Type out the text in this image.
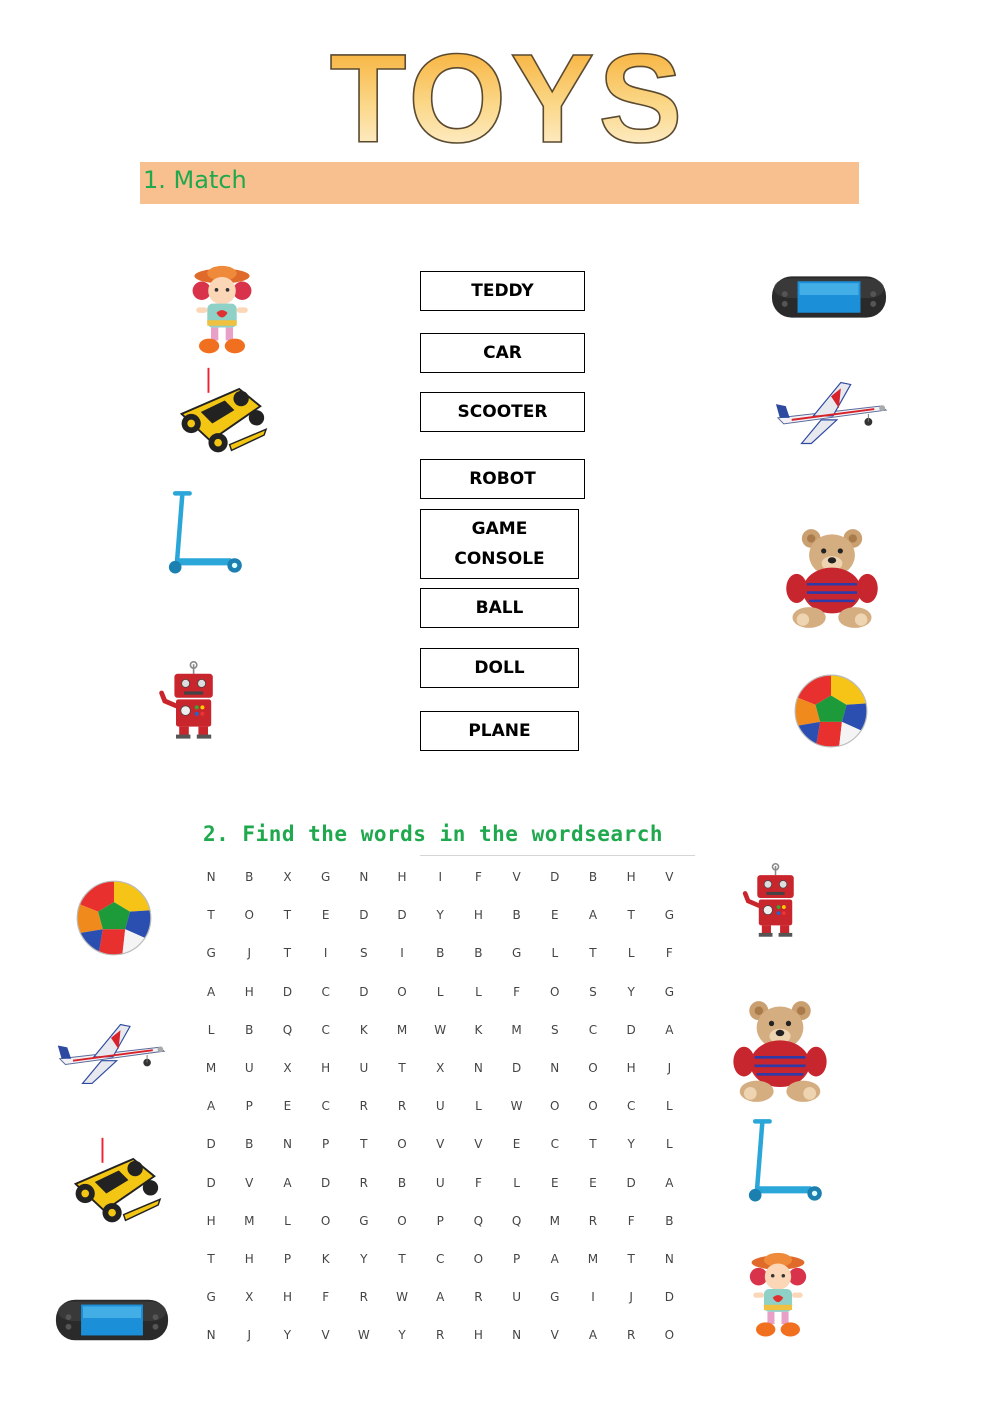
TOYS
1. Match
TEDDY
CAR
SCOOTER
ROBOT
GAME CONSOLE
BALL
DOLL
PLANE
2. Find the words in the wordsearch
N	B	X	G	N	H	I	F	V	D	B	H	V
T	O	T	E	D	D	Y	H	B	E	A	T	G
G	J	T	I	S	I	B	B	G	L	T	L	F
A	H	D	C	D	O	L	L	F	O	S	Y	G
L	B	Q	C	K	M	W	K	M	S	C	D	A
M	U	X	H	U	T	X	N	D	N	O	H	J
A	P	E	C	R	R	U	L	W	O	O	C	L
D	B	N	P	T	O	V	V	E	C	T	Y	L
D	V	A	D	R	B	U	F	L	E	E	D	A
H	M	L	O	G	O	P	Q	Q	M	R	F	B
T	H	P	K	Y	T	C	O	P	A	M	T	N
G	X	H	F	R	W	A	R	U	G	I	J	D
N	J	Y	V	W	Y	R	H	N	V	A	R	O
